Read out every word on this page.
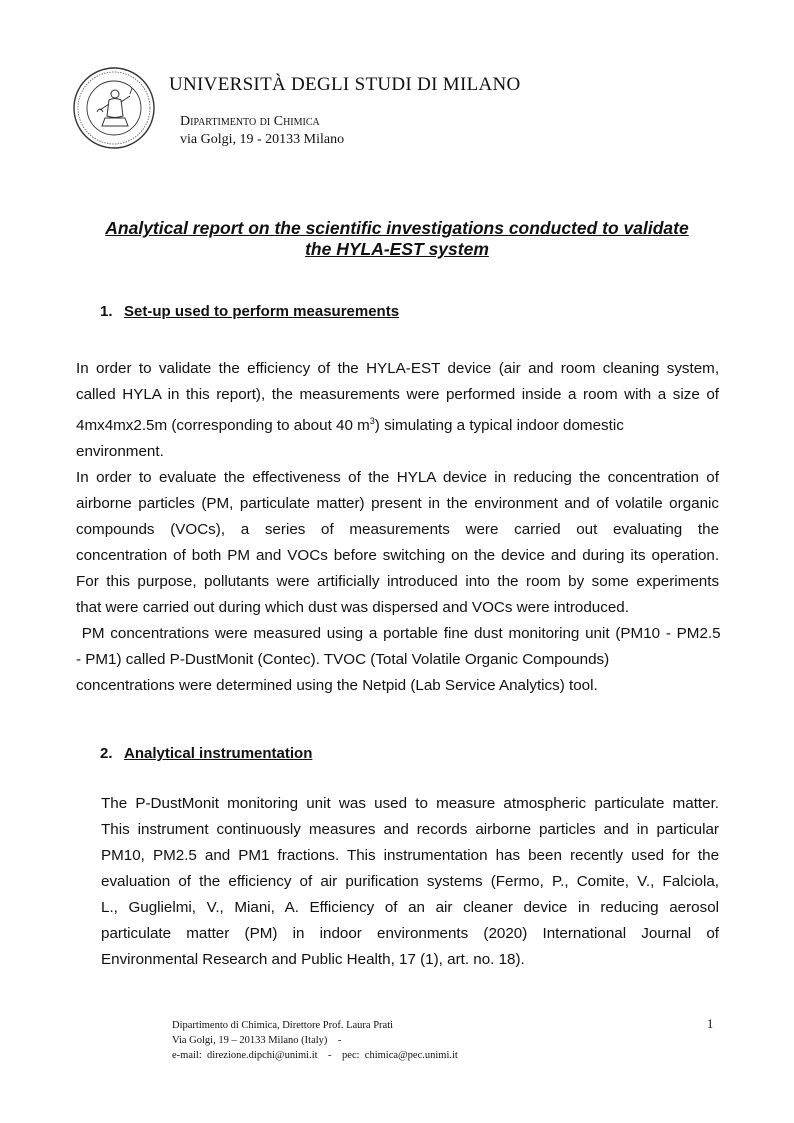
UNIVERSITÀ DEGLI STUDI DI MILANO
Dipartimento di Chimica
via Golgi, 19 - 20133 Milano
Analytical report on the scientific investigations conducted to validate
the HYLA-EST system
1. Set-up used to perform measurements
In order to validate the efficiency of the HYLA-EST device (air and room cleaning system,
called HYLA in this report), the measurements were performed inside a room with a size of
4mx4mx2.5m (corresponding to about 40 $m^3$) simulating a typical indoor domestic
environment.
In order to evaluate the effectiveness of the HYLA device in reducing the concentration of
airborne particles (PM, particulate matter) present in the environment and of volatile organic
compounds (VOCs), a series of measurements were carried out evaluating the
concentration of both PM and VOCs before switching on the device and during its operation.
For this purpose, pollutants were artificially introduced into the room by some experiments
that were carried out during which dust was dispersed and VOCs were introduced.
PM concentrations were measured using a portable fine dust monitoring unit (PM10 - PM2.5
- PM1) called P-DustMonit (Contec). TVOC (Total Volatile Organic Compounds)
concentrations were determined using the Netpid (Lab Service Analytics) tool.
2. Analytical instrumentation
The P-DustMonit monitoring unit was used to measure atmospheric particulate matter.
This instrument continuously measures and records airborne particles and in particular
PM10, PM2.5 and PM1 fractions. This instrumentation has been recently used for the
evaluation of the efficiency of air purification systems (Fermo, P., Comite, V., Falciola,
L., Guglielmi, V., Miani, A. Efficiency of an air cleaner device in reducing aerosol
particulate matter (PM) in indoor environments (2020) International Journal of
Environmental Research and Public Health, 17 (1), art. no. 18).
Dipartimento di Chimica, Direttore Prof. Laura Prati
Via Golgi, 19 – 20133 Milano (Italy)    -
e-mail:  direzione.dipchi@unimi.it    -    pec:  chimica@pec.unimi.it
1
